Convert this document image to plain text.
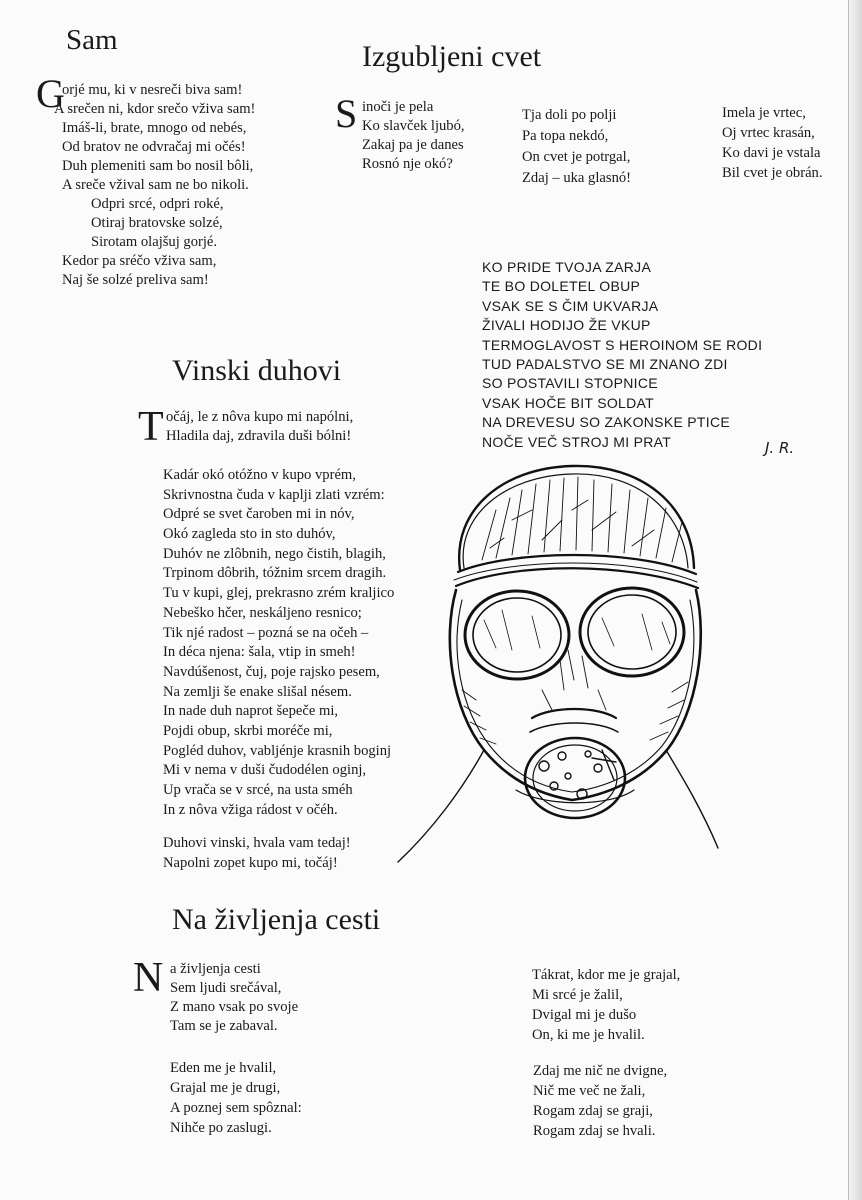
Sam
G
orjé mu, ki v nesreči biva sam!
A srečen ni, kdor srečo vživa sam!
Imáš-li, brate, mnogo od nebés,
Od bratov ne odvračaj mi očés!
Duh plemeniti sam bo nosil bôli,
A sreče vžival sam ne bo nikoli.
Odpri srcé, odpri roké,
Otiraj bratovske solzé,
Sirotam olajšuj gorjé.
Kedor pa sréčo vživa sam,
Naj še solzé preliva sam!
Izgubljeni cvet
S inoči je pela
Ko slavček ljubó,
Zakaj pa je danes
Rosnó nje okó?
Tja doli po polji
Pa topa nekdó,
On cvet je potrgal,
Zdaj – uka glasnó!
Imela je vrtec,
Oj vrtec krasán,
Ko davi je vstala
Bil cvet je obrán.
KO PRIDE TVOJA ZARJA
TE BO DOLETEL OBUP
VSAK SE S ČIM UKVARJA
ŽIVALI HODIJO ŽE VKUP
TERMOGLAVOST S HEROINOM SE RODI
TUD PADALSTVO SE MI ZNANO ZDI
SO POSTAVILI STOPNICE
VSAK HOČE BIT SOLDAT
NA DREVESU SO ZAKONSKE PTICE
NOČE VEČ STROJ MI PRAT	J. R.
Vinski duhovi
T očáj, le z nôva kupo mi napólni,
Hladila daj, zdravila duši bólni!
Kadár okó otóžno v kupo vprém,
Skrivnostna čuda v kaplji zlati vzrém:
Odpré se svet čaroben mi in nóv,
Okó zagleda sto in sto duhóv,
Duhóv ne zlôbnih, nego čistih, blagih,
Trpinom dôbrih, tóžnim srcem dragih.
Tu v kupi, glej, prekrasno zrém kraljico
Nebeško hčer, neskáljeno resnico;
Tik njé radost – pozná se na očeh –
In déca njena: šala, vtip in smeh!
Navdúšenost, čuj, poje rajsko pesem,
Na zemlji še enake slišal nésem.
In nade duh naprot šepeče mi,
Pojdi obup, skrbi moréče mi,
Pogléd duhov, vabljénje krasnih boginj
Mi v nema v duši čudodélen oginj,
Up vrača se v srcé, na usta sméh
In z nôva vžiga rádost v očéh.
Duhovi vinski, hvala vam tedaj!
Napolni zopet kupo mi, točáj!
Na življenja cesti
N a življenja cesti
Sem ljudi srečával,
Z mano vsak po svoje
Tam se je zabaval.
Eden me je hvalil,
Grajal me je drugi,
A poznej sem spôznal:
Nihče po zaslugi.
Tákrat, kdor me je grajal,
Mi srcé je žalil,
Dvigal mi je dušo
On, ki me je hvalil.
Zdaj me nič ne dvigne,
Nič me več ne žali,
Rogam zdaj se graji,
Rogam zdaj se hvali.
